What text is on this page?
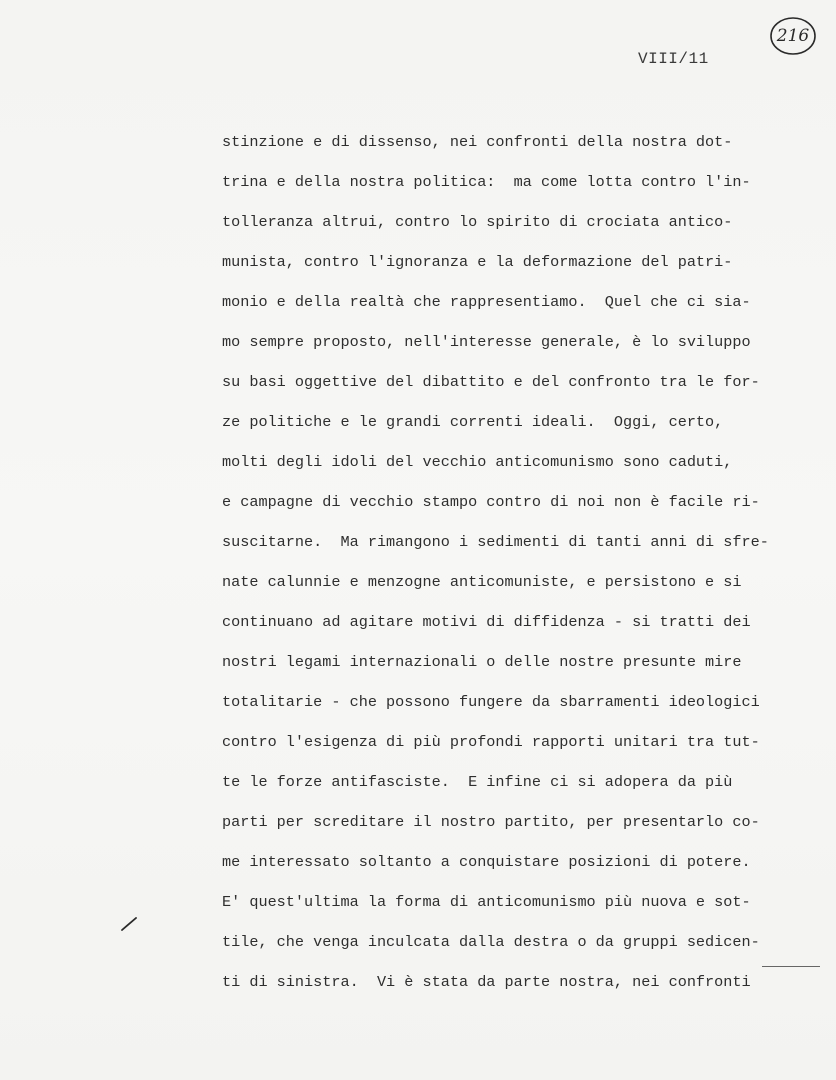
216
VIII/11
stinzione e di dissenso, nei confronti della nostra dot-
trina e della nostra politica:  ma come lotta contro l'in-
tolleranza altrui, contro lo spirito di crociata antico-
munista, contro l'ignoranza e la deformazione del patri-
monio e della realtà che rappresentiamo.  Quel che ci sia-
mo sempre proposto, nell'interesse generale, è lo sviluppo
su basi oggettive del dibattito e del confronto tra le for-
ze politiche e le grandi correnti ideali.  Oggi, certo,
molti degli idoli del vecchio anticomunismo sono caduti,
e campagne di vecchio stampo contro di noi non è facile ri-
suscitarne.  Ma rimangono i sedimenti di tanti anni di sfre-
nate calunnie e menzogne anticomuniste, e persistono e si
continuano ad agitare motivi di diffidenza - si tratti dei
nostri legami internazionali o delle nostre presunte mire
totalitarie - che possono fungere da sbarramenti ideologici
contro l'esigenza di più profondi rapporti unitari tra tut-
te le forze antifasciste.  E infine ci si adopera da più
parti per screditare il nostro partito, per presentarlo co-
me interessato soltanto a conquistare posizioni di potere.
E' quest'ultima la forma di anticomunismo più nuova e sot-
tile, che venga inculcata dalla destra o da gruppi sedicen-
ti di sinistra.  Vi è stata da parte nostra, nei confronti
